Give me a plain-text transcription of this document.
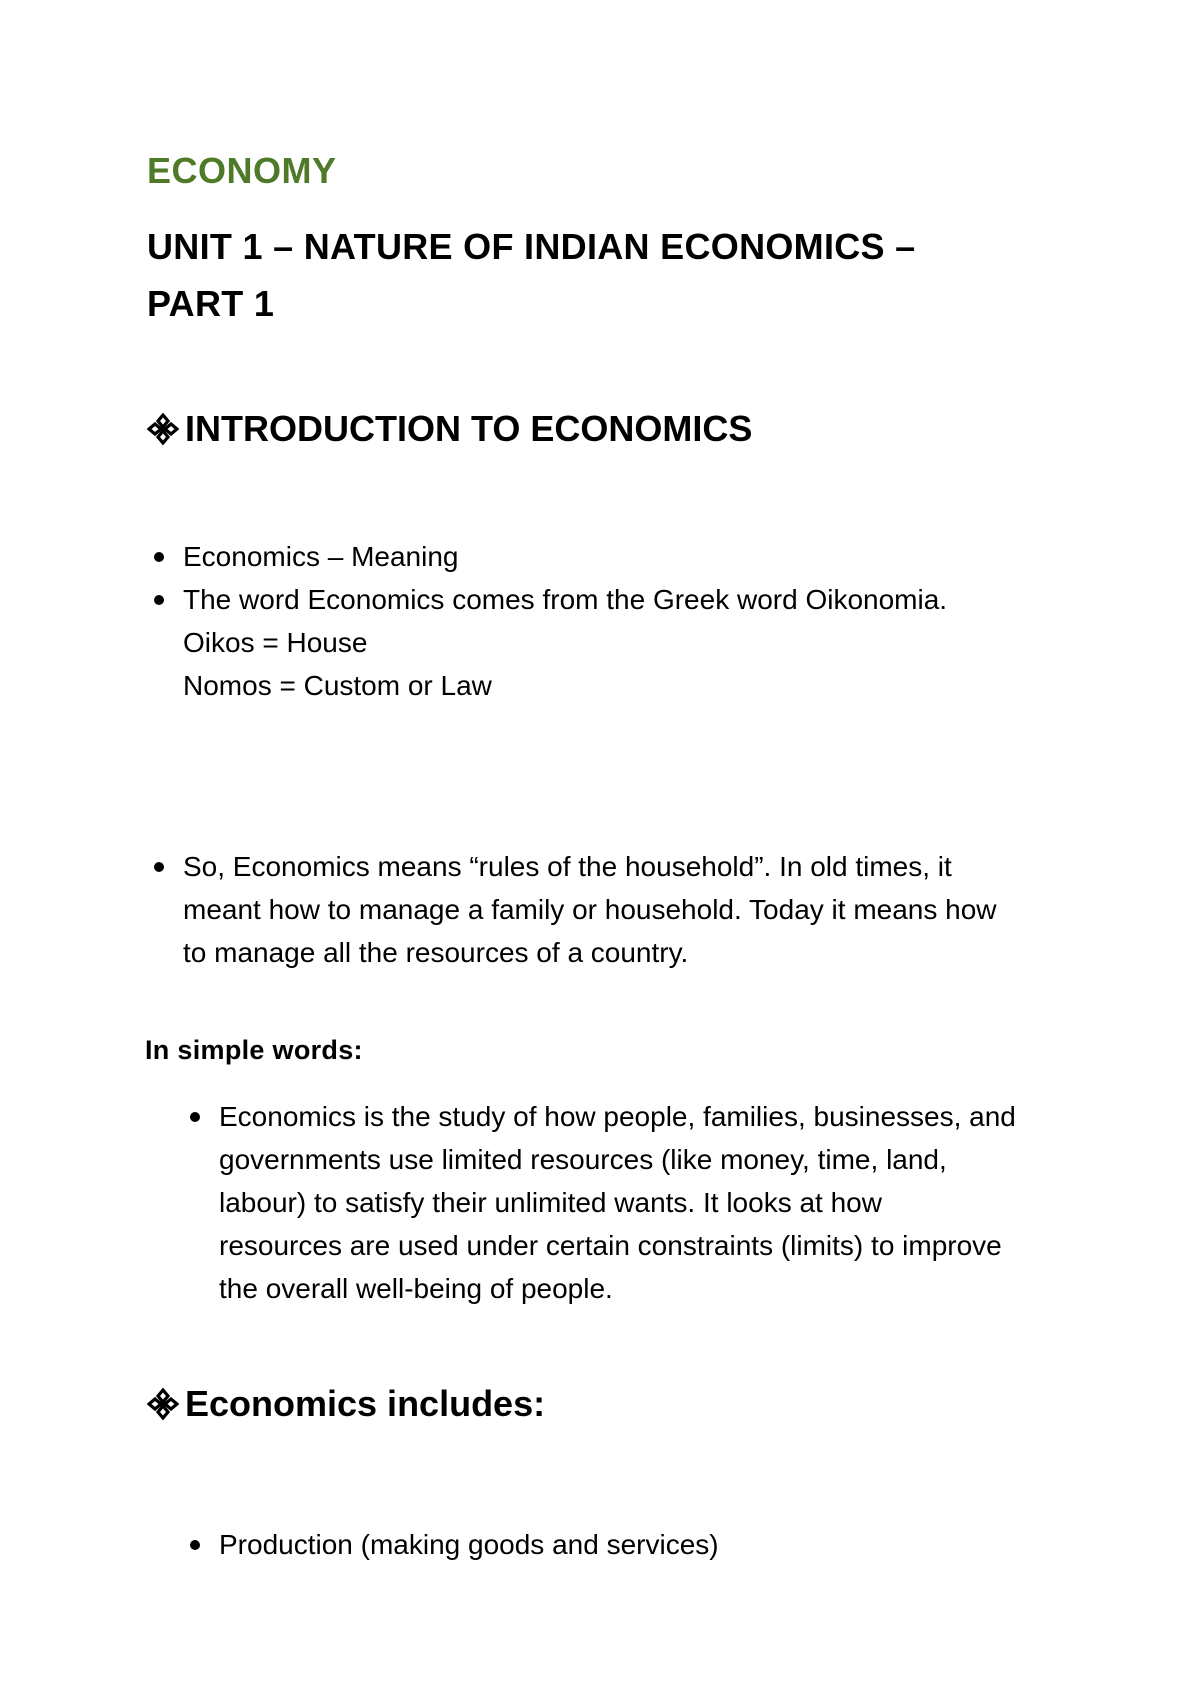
ECONOMY
UNIT 1 – NATURE OF INDIAN ECONOMICS –
PART 1
INTRODUCTION TO ECONOMICS
Economics – Meaning
The word Economics comes from the Greek word Oikonomia.
Oikos = House
Nomos = Custom or Law
So, Economics means “rules of the household”. In old times, it
meant how to manage a family or household. Today it means how
to manage all the resources of a country.
In simple words:
Economics is the study of how people, families, businesses, and
governments use limited resources (like money, time, land,
labour) to satisfy their unlimited wants. It looks at how
resources are used under certain constraints (limits) to improve
the overall well-being of people.
Economics includes:
Production (making goods and services)
